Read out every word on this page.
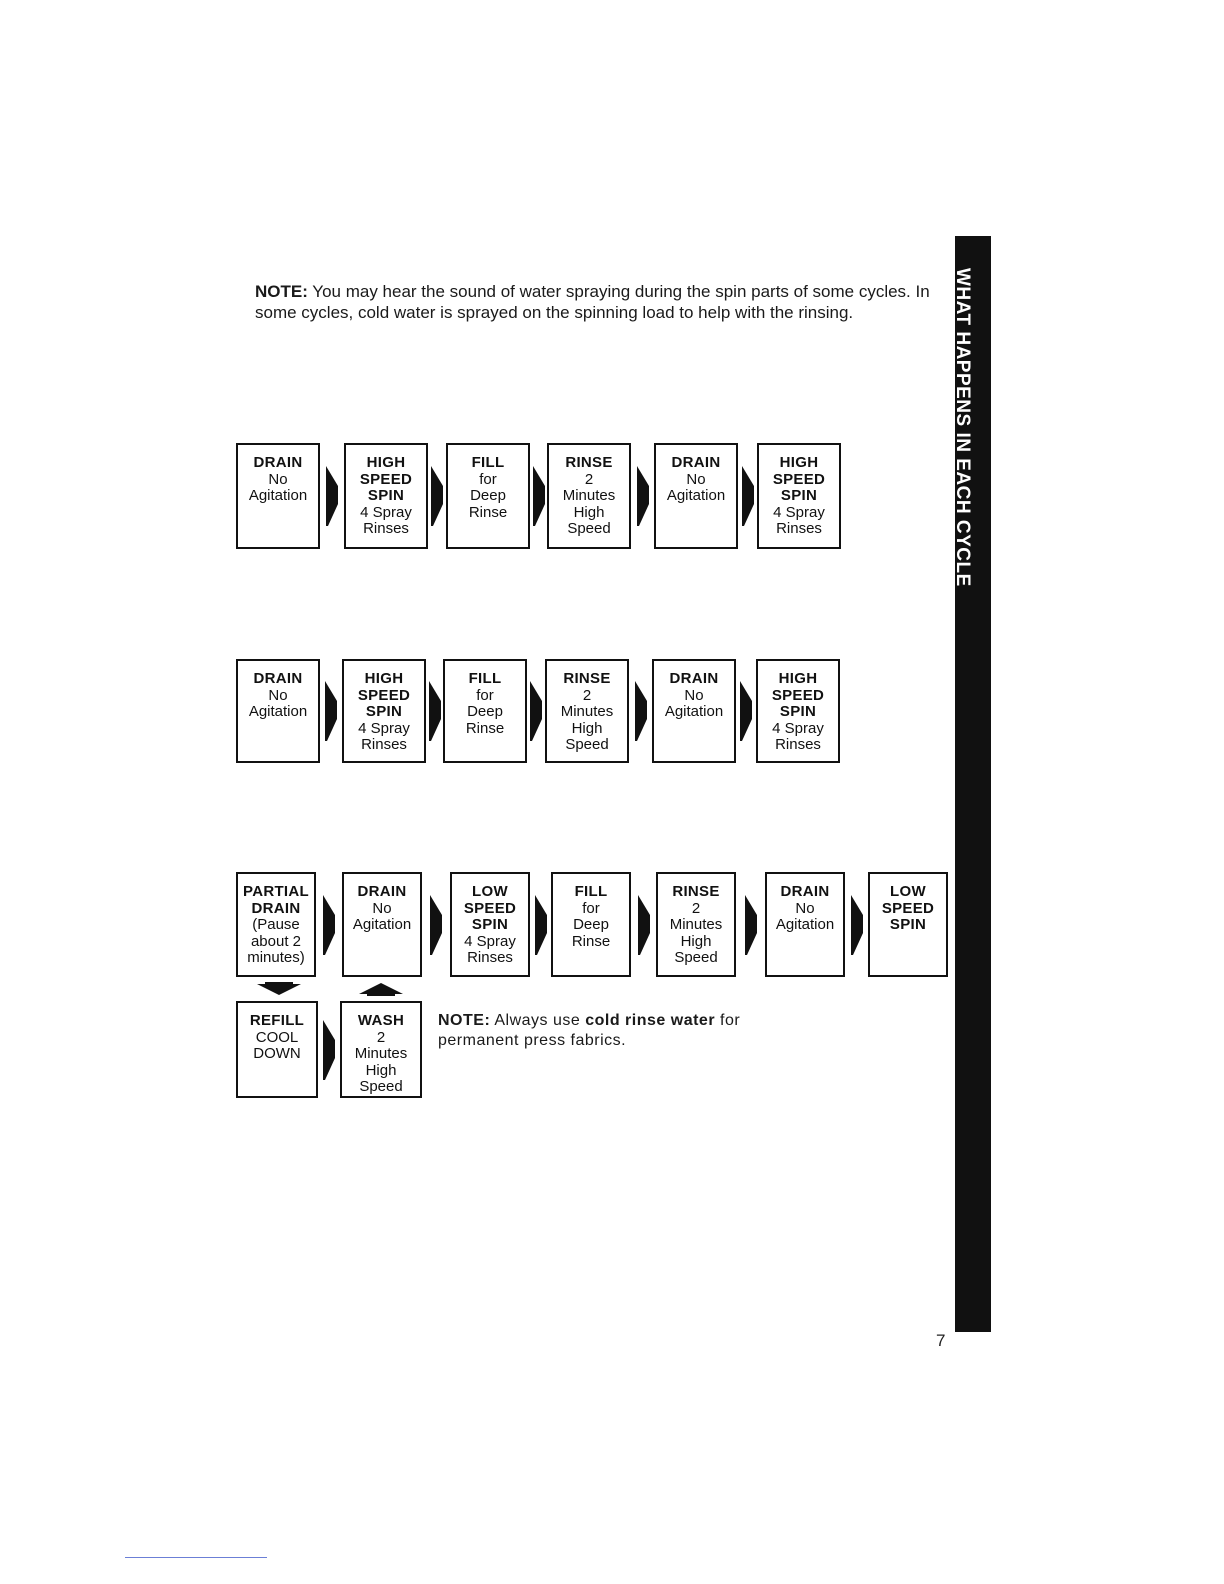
NOTE: You may hear the sound of water spraying during the spin parts of some cycles. In some cycles, cold water is sprayed on the spinning load to help with the rinsing.	WHAT HAPPENS IN EACH CYCLE
DRAIN
No
Agitation
HIGH
SPEED
SPIN
4 Spray
Rinses
FILL
for
Deep
Rinse
RINSE
2
Minutes
High
Speed
DRAIN
No
Agitation
HIGH
SPEED
SPIN
4 Spray
Rinses
DRAIN
No
Agitation
HIGH
SPEED
SPIN
4 Spray
Rinses
FILL
for
Deep
Rinse
RINSE
2
Minutes
High
Speed
DRAIN
No
Agitation
HIGH
SPEED
SPIN
4 Spray
Rinses
PARTIAL
DRAIN
(Pause
about 2
minutes)
DRAIN
No
Agitation
LOW
SPEED
SPIN
4 Spray
Rinses
FILL
for
Deep
Rinse
RINSE
2
Minutes
High
Speed
DRAIN
No
Agitation
LOW
SPEED
SPIN
REFILL
COOL
DOWN
WASH
2
Minutes
High
Speed
NOTE: Always use cold rinse water for permanent press fabrics.
7
